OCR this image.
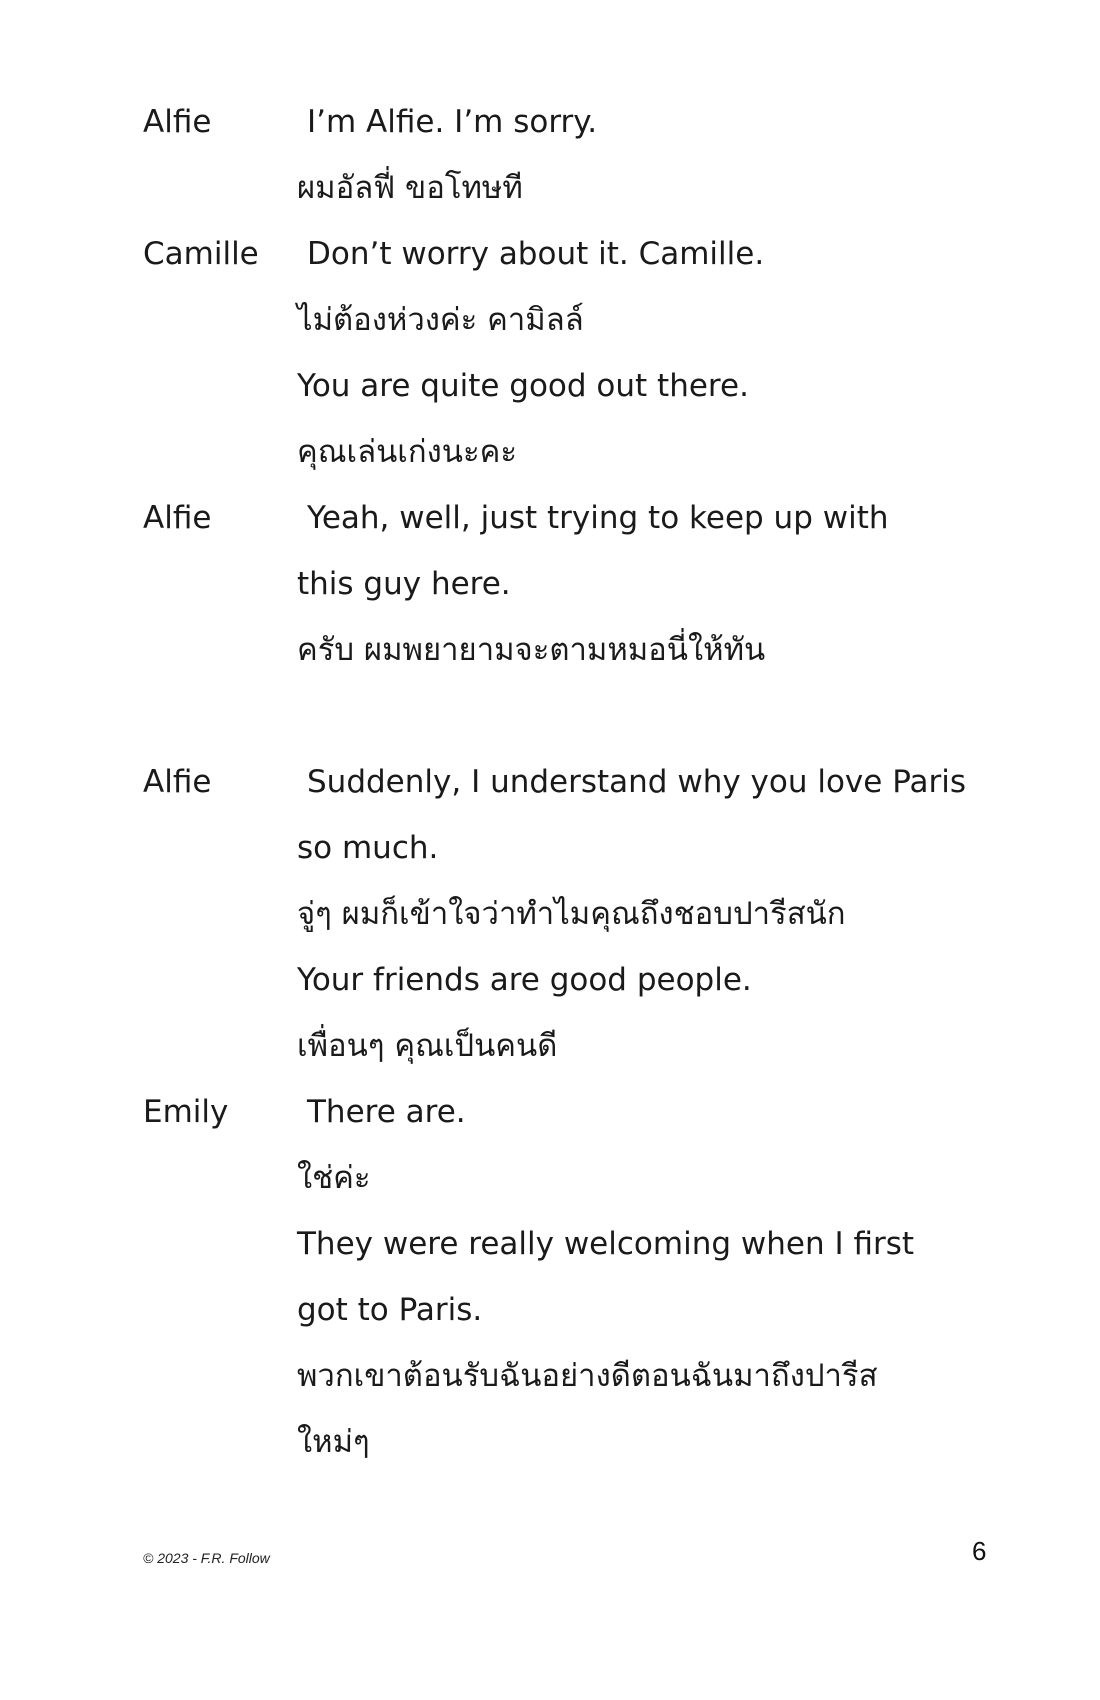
Alfie	I’m Alfie. I’m sorry.
ผมอัลฟี่ ขอโทษที
Camille Don’t worry about it. Camille.
ไม่ต้องห่วงค่ะ คามิลล์
You are quite good out there.
คุณเล่นเก่งนะคะ
Alfie	Yeah, well, just trying to keep up with
this guy here.
ครับ ผมพยายามจะตามหมอนี่ให้ทัน
Alfie	Suddenly, I understand why you love Paris
so much.
จู่ๆ ผมก็เข้าใจว่าทำไมคุณถึงชอบปารีสนัก
Your friends are good people.
เพื่อนๆ คุณเป็นคนดี
Emily	There are.
ใช่ค่ะ
They were really welcoming when I first
got to Paris.
พวกเขาต้อนรับฉันอย่างดีตอนฉันมาถึงปารีส
ใหม่ๆ
© 2023 - F.R. Follow	6
